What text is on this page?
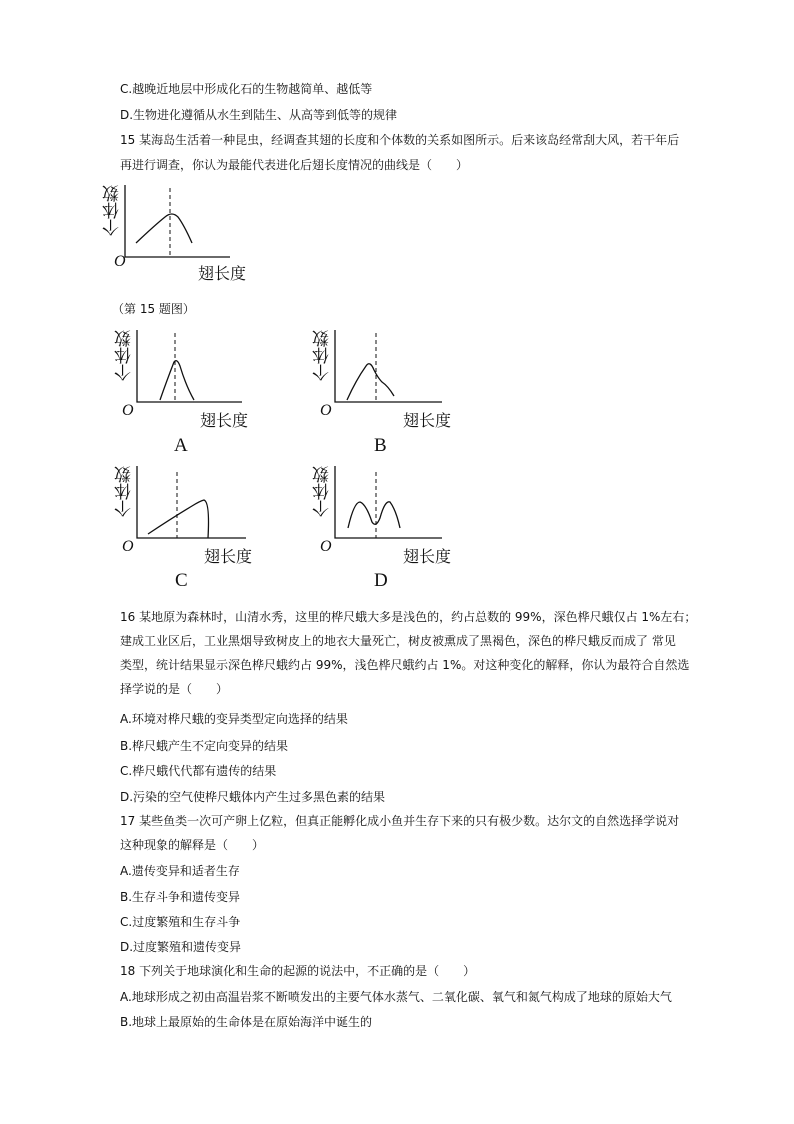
C.越晚近地层中形成化石的生物越简单、越低等
D.生物进化遵循从水生到陆生、从高等到低等的规律
15 某海岛生活着一种昆虫，经调查其翅的长度和个体数的关系如图所示。后来该岛经常刮大风，若干年后
再进行调查，你认为最能代表进化后翅长度情况的曲线是（　　）
个体数
O
翅长度
（第 15 题图）
个体数
O
翅长度
A
个体数
O
翅长度
B
个体数
O
翅长度
C
个体数
O
翅长度
D
16 某地原为森林时，山清水秀，这里的桦尺蛾大多是浅色的，约占总数的 99%，深色桦尺蛾仅占 1%左右；
建成工业区后，工业黑烟导致树皮上的地衣大量死亡，树皮被熏成了黑褐色，深色的桦尺蛾反而成了 常见
类型，统计结果显示深色桦尺蛾约占 99%，浅色桦尺蛾约占 1%。对这种变化的解释，你认为最符合自然选
择学说的是（　　）
A.环境对桦尺蛾的变异类型定向选择的结果
B.桦尺蛾产生不定向变异的结果
C.桦尺蛾代代都有遗传的结果
D.污染的空气使桦尺蛾体内产生过多黑色素的结果
17 某些鱼类一次可产卵上亿粒，但真正能孵化成小鱼并生存下来的只有极少数。达尔文的自然选择学说对
这种现象的解释是（　　）
A.遗传变异和适者生存
B.生存斗争和遗传变异
C.过度繁殖和生存斗争
D.过度繁殖和遗传变异
18 下列关于地球演化和生命的起源的说法中，不正确的是（　　）
A.地球形成之初由高温岩浆不断喷发出的主要气体水蒸气、二氧化碳、氧气和氮气构成了地球的原始大气
B.地球上最原始的生命体是在原始海洋中诞生的
